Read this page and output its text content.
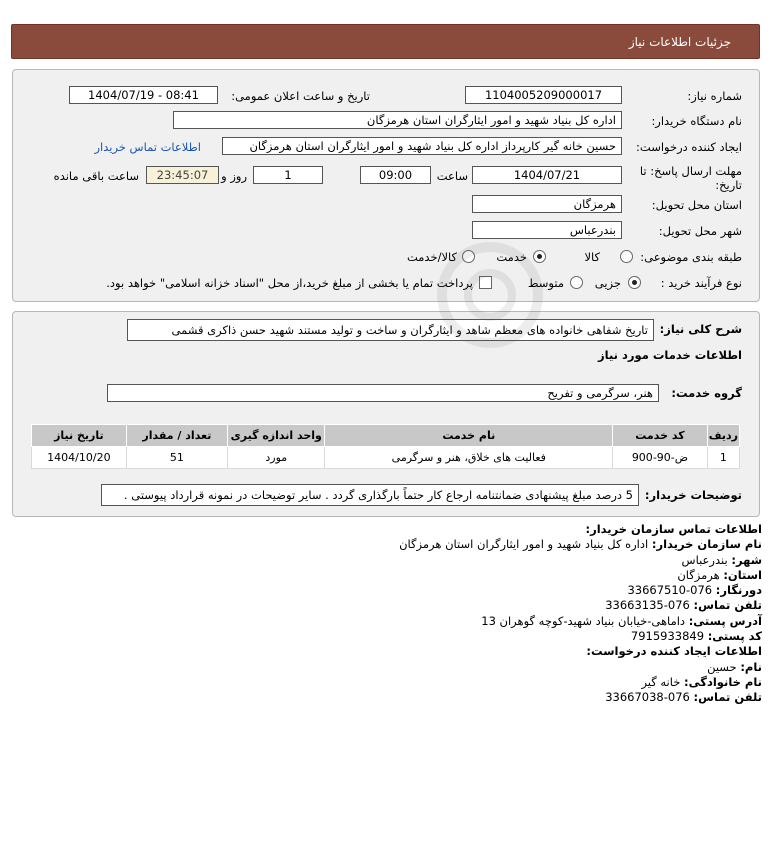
جزئیات اطلاعات نیاز
شماره نیاز:
1104005209000017
تاریخ و ساعت اعلان عمومی:
1404/07/19 - 08:41
نام دستگاه خریدار:
اداره کل بنیاد شهید و امور ایثارگران استان هرمزگان
ایجاد کننده درخواست:
حسین خانه گیر کارپرداز اداره کل بنیاد شهید و امور ایثارگران استان هرمزگان
اطلاعات تماس خریدار
مهلت ارسال پاسخ: تا
تاریخ:
1404/07/21
ساعت
09:00
1
روز و
23:45:07
ساعت باقی مانده
استان محل تحویل:
هرمزگان
شهر محل تحویل:
بندرعباس
طبقه بندی موضوعی:
کالا
خدمت
کالا/خدمت
نوع فرآیند خرید :
جزیی
متوسط
پرداخت تمام یا بخشی از مبلغ خرید،از محل "اسناد خزانه اسلامی" خواهد بود.
شرح کلی نیاز:
تاریخ شفاهی خانواده های معظم شاهد و ایثارگران و ساخت و تولید مستند شهید حسن ذاکری قشمی
اطلاعات خدمات مورد نیاز
گروه خدمت:
هنر، سرگرمی و تفریح
ردیف	کد خدمت	نام خدمت	واحد اندازه گیری	تعداد / مقدار	تاریخ نیاز
1	ض-90-900	فعالیت های خلاق، هنر و سرگرمی	مورد	51	1404/10/20
توضیحات خریدار:
5 درصد مبلغ پیشنهادی ضمانتنامه ارجاع کار حتماً بارگذاری گردد . سایر توضیحات در نمونه قرارداد پیوستی .
اطلاعات تماس سازمان خریدار:
نام سازمان خریدار: اداره کل بنیاد شهید و امور ایثارگران استان هرمزگان
شهر: بندرعباس
استان: هرمزگان
دورنگار: 076-33667510
تلفن تماس: 076-33663135
آدرس پستی: داماهی-خیابان بنیاد شهید-کوچه گوهران 13
کد پستی: 7915933849
اطلاعات ایجاد کننده درخواست:
نام: حسین
نام خانوادگی: خانه گیر
تلفن تماس: 076-33667038
